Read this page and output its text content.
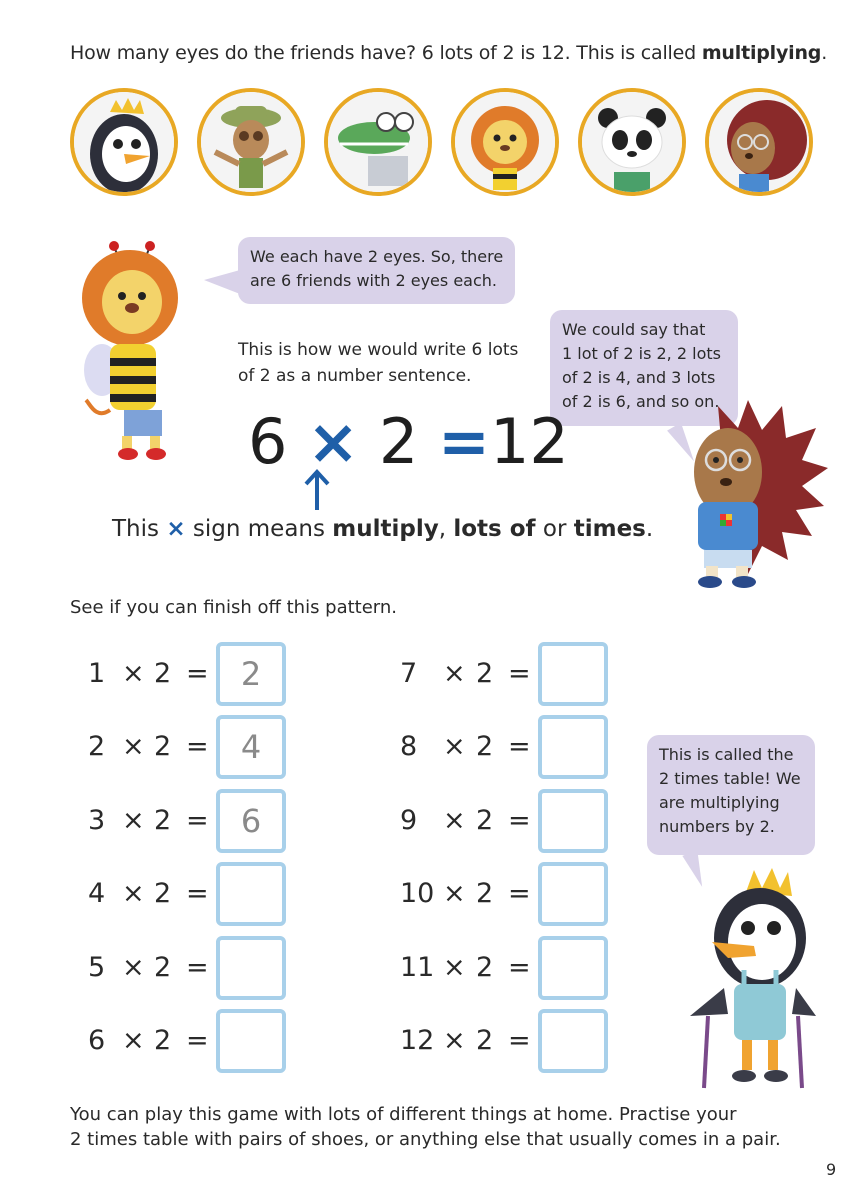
How many eyes do the friends have? 6 lots of 2 is 12. This is called multiplying.
We each have 2 eyes. So, there
are 6 friends with 2 eyes each.
We could say that
1 lot of 2 is 2, 2 lots
of 2 is 4, and 3 lots
of 2 is 6, and so on.
This is how we would write 6 lots
of 2 as a number sentence.
6 × 2 =12
This × sign means multiply, lots of or times.
See if you can finish off this pattern.
1 × 2 =	2
2 × 2 =	4
3 × 2 =	6
4 × 2 =
5 × 2 =
6 × 2 =
7 × 2 =
8 × 2 =
9 × 2 =
10 × 2 =
11 × 2 =
12 × 2 =
This is called the
2 times table! We
are multiplying
numbers by 2.
You can play this game with lots of different things at home. Practise your
2 times table with pairs of shoes, or anything else that usually comes in a pair.
9
